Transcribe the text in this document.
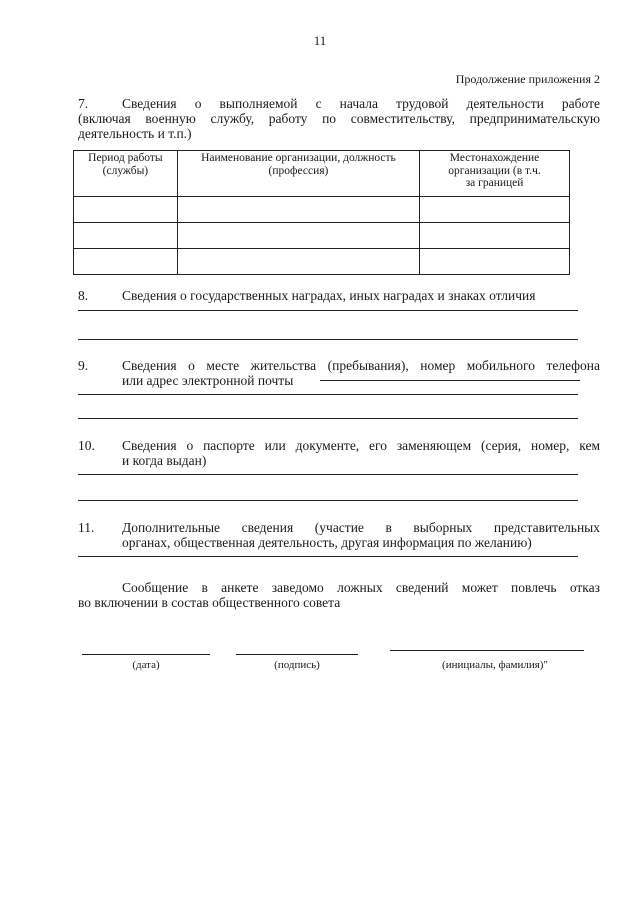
11
Продолжение приложения 2
7.	Сведения о выполняемой с начала трудовой деятельности работе
(включая военную службу, работу по совместительству, предпринимательскую
деятельность и т.п.)
Период работы (службы)	Наименование организации, должность (профессия)	Местонахождение организации (в т.ч. за границей

8.	Сведения о государственных наградах, иных наградах и знаках отличия
9.	Сведения о месте жительства (пребывания), номер мобильного телефона
или адрес электронной почты
10. Сведения о паспорте или документе, его заменяющем (серия, номер, кем
и когда выдан)
11. Дополнительные сведения (участие в выборных представительных
органах, общественная деятельность, другая информация по желанию)
Сообщение в анкете заведомо ложных сведений может повлечь отказ
во включении в состав общественного совета
(дата)	(подпись)	(инициалы, фамилия)"
